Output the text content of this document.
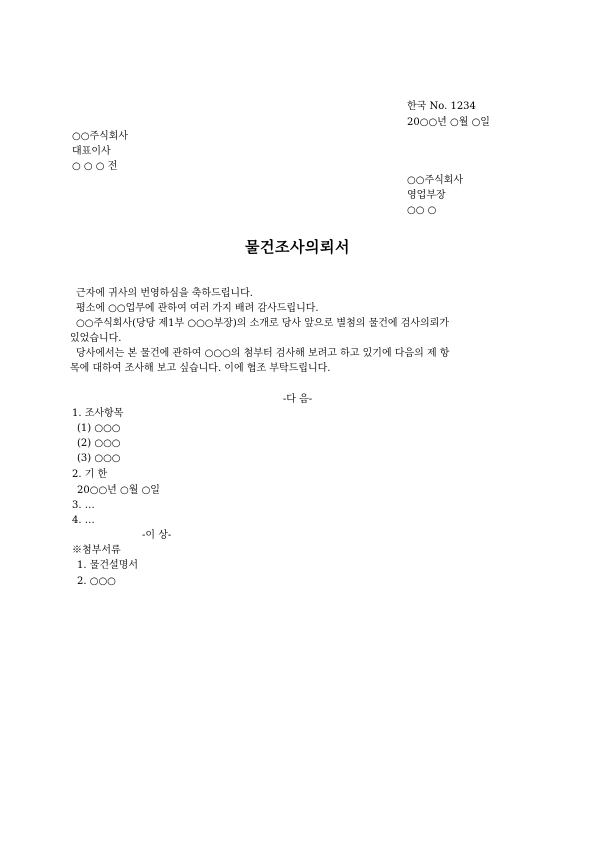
한국 No. 1234
20○○년 ○월 ○일
○○주식회사
대표이사
○ ○ ○ 전
○○주식회사
영업부장
○○ ○
물건조사의뢰서
근자에 귀사의 번영하심을 축하드립니다.
평소에 ○○업무에 관하여 여러 가지 배려 감사드립니다.
○○주식회사(당당 제1부 ○○○부장)의 소개로 당사 앞으로 별첨의 물건에 검사의뢰가
있었습니다.
당사에서는 본 물건에 관하여 ○○○의 첨부터 검사해 보려고 하고 있기에 다음의 제 항
목에 대하여 조사해 보고 싶습니다. 이에 협조 부탁드립니다.
-다 음-
1. 조사항목
(1) ○○○
(2) ○○○
(3) ○○○
2. 기 한
20○○년 ○월 ○일
3. …
4. …
-이 상-
※첨부서류
1. 물건설명서
2. ○○○
